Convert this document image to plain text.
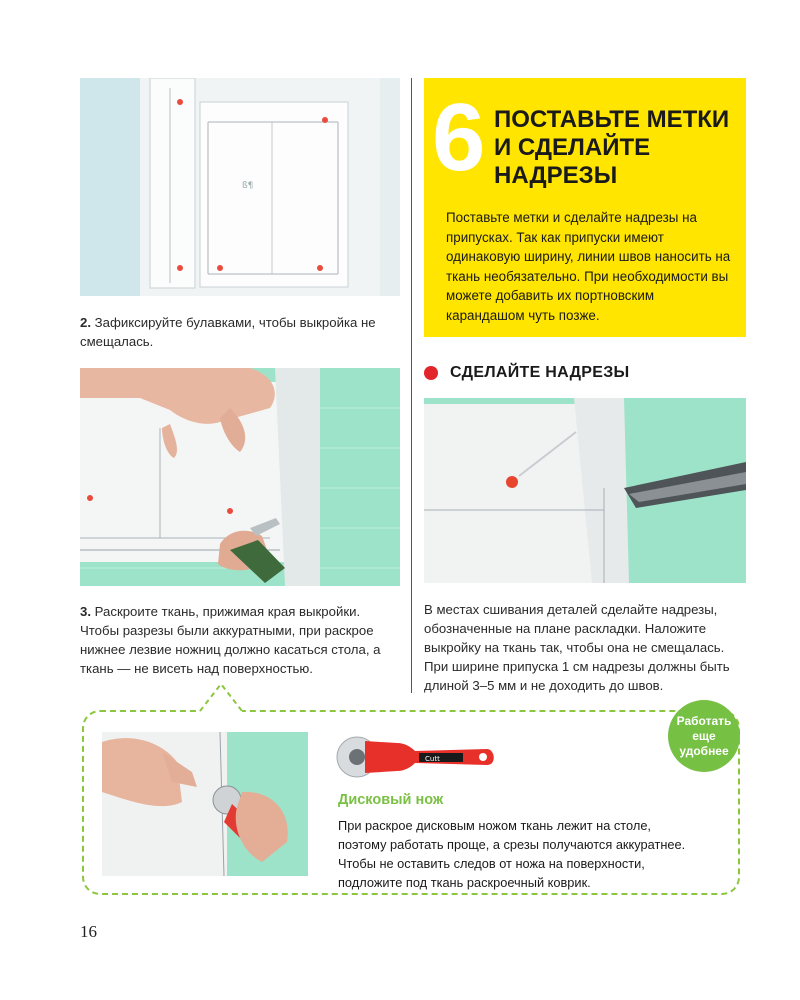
ß¶
2. Зафиксируйте булавками, чтобы выкройка не смещалась.
3. Раскроите ткань, прижимая края выкройки. Чтобы разрезы были аккуратными, при раскрое нижнее лезвие ножниц должно касаться стола, а ткань — не висеть над поверхностью.
6 ПОСТАВЬТЕ МЕТКИ И СДЕЛАЙТЕ НАДРЕЗЫ
Поставьте метки и сделайте надрезы на припусках. Так как припуски имеют одинаковую ширину, линии швов наносить на ткань необязательно. При необходимости вы можете добавить их портновским карандашом чуть позже.
СДЕЛАЙТЕ НАДРЕЗЫ
В местах сшивания деталей сделайте надрезы, обозначенные на плане раскладки. Наложите выкройку на ткань так, чтобы она не смещалась.
При ширине припуска 1 см надрезы должны быть длиной 3–5 мм и не доходить до швов.
Работать
еще
удобнее
Cutt
Дисковый нож
При раскрое дисковым ножом ткань лежит на столе, поэтому работать проще, а срезы получаются аккуратнее. Чтобы не оставить следов от ножа на поверхности, подложите под ткань раскроечный коврик.
16
